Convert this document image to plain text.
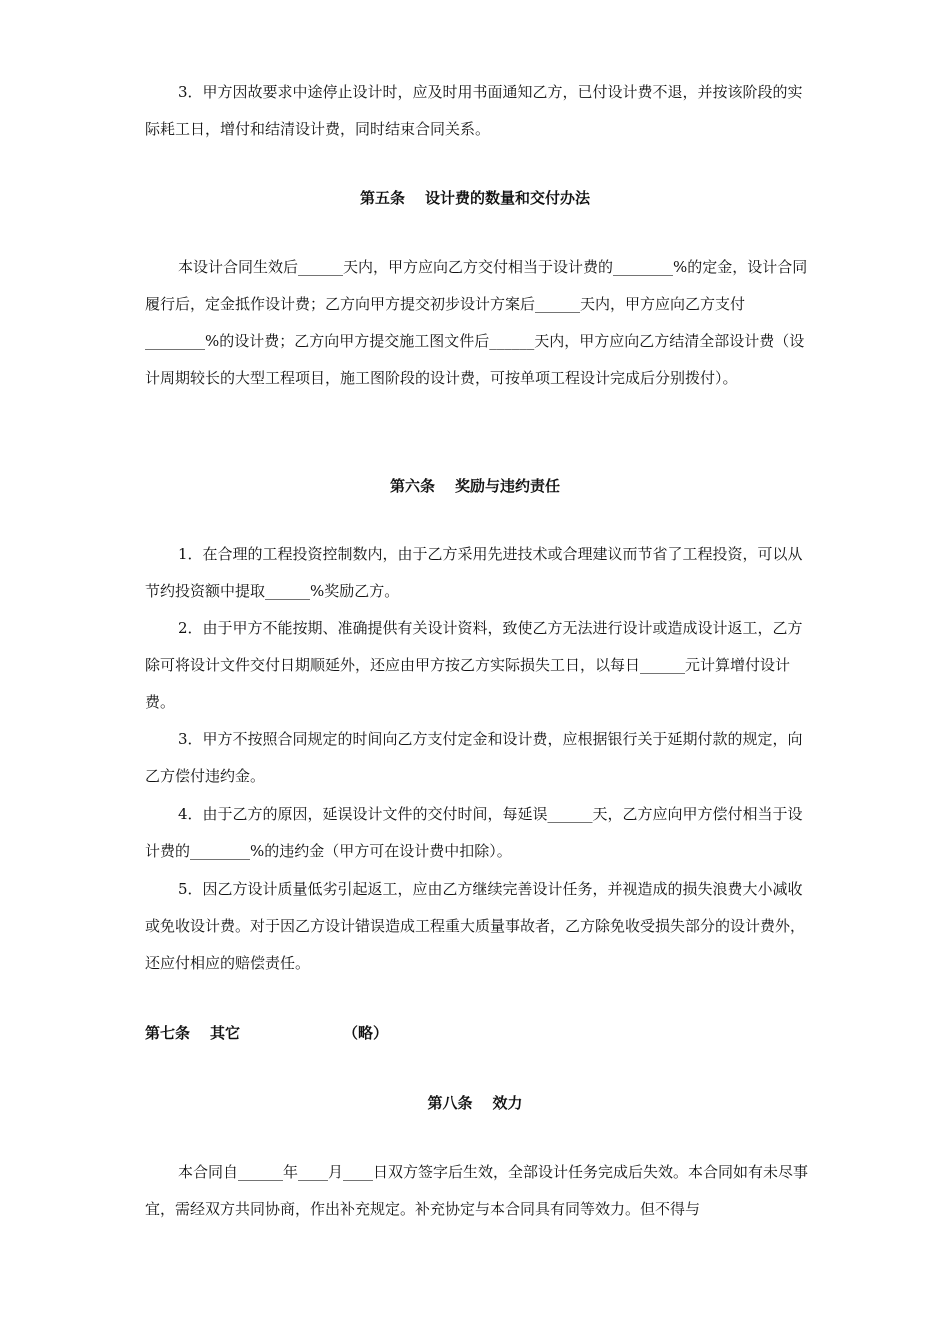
3．甲方因故要求中途停止设计时，应及时用书面通知乙方，已付设计费不退，并按该阶段的实际耗工日，增付和结清设计费，同时结束合同关系。

第五条 设计费的数量和交付办法

本设计合同生效后______天内，甲方应向乙方交付相当于设计费的________%的定金，设计合同履行后，定金抵作设计费；乙方向甲方提交初步设计方案后______天内，甲方应向乙方支付________%的设计费；乙方向甲方提交施工图文件后______天内，甲方应向乙方结清全部设计费（设计周期较长的大型工程项目，施工图阶段的设计费，可按单项工程设计完成后分别拨付）。

第六条 奖励与违约责任

1．在合理的工程投资控制数内，由于乙方采用先进技术或合理建议而节省了工程投资，可以从节约投资额中提取______%奖励乙方。

2．由于甲方不能按期、准确提供有关设计资料，致使乙方无法进行设计或造成设计返工，乙方除可将设计文件交付日期顺延外，还应由甲方按乙方实际损失工日，以每日______元计算增付设计费。

3．甲方不按照合同规定的时间向乙方支付定金和设计费，应根据银行关于延期付款的规定，向乙方偿付违约金。

4．由于乙方的原因，延误设计文件的交付时间，每延误______天，乙方应向甲方偿付相当于设计费的________%的违约金（甲方可在设计费中扣除）。

5．因乙方设计质量低劣引起返工，应由乙方继续完善设计任务，并视造成的损失浪费大小减收或免收设计费。对于因乙方设计错误造成工程重大质量事故者，乙方除免收受损失部分的设计费外，还应付相应的赔偿责任。

第七条 其它	（略）
第八条 效力

本合同自______年____月____日双方签字后生效，全部设计任务完成后失效。本合同如有未尽事宜，需经双方共同协商，作出补充规定。补充协定与本合同具有同等效力。但不得与
